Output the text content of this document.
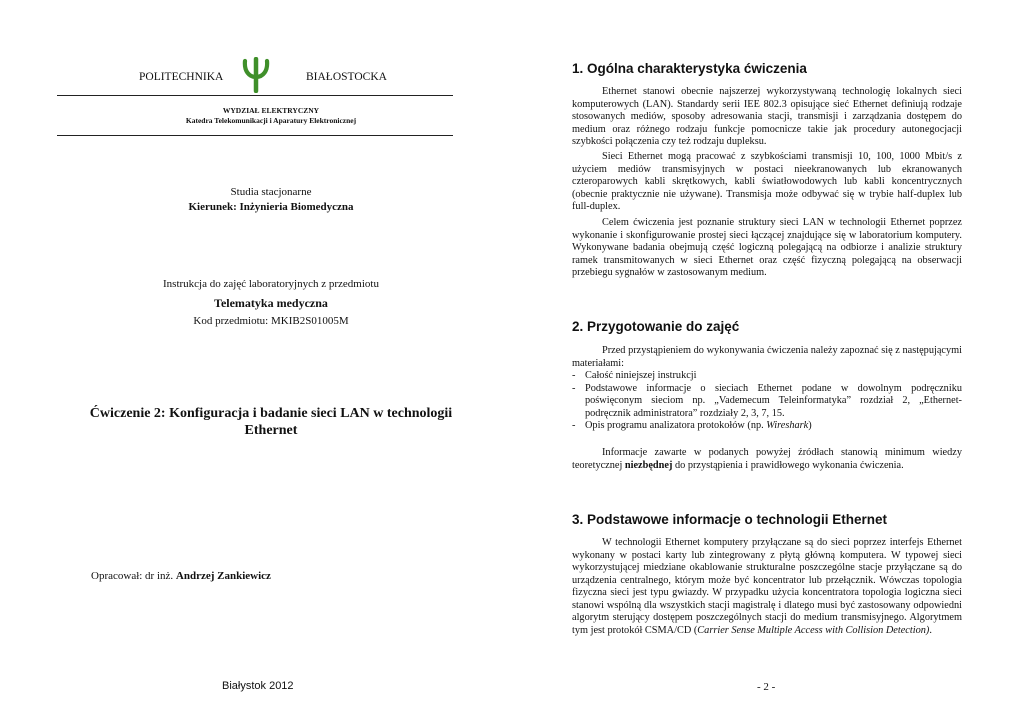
POLITECHNIKA	BIAŁOSTOCKA
WYDZIAŁ ELEKTRYCZNY
Katedra Telekomunikacji i Aparatury Elektronicznej
Studia stacjonarne
Kierunek: Inżynieria Biomedyczna
Instrukcja do zajęć laboratoryjnych z przedmiotu
Telematyka medyczna
Kod przedmiotu: MKIB2S01005M
Ćwiczenie 2: Konfiguracja i badanie sieci LAN w technologii
Ethernet
Opracował: dr inż. Andrzej Zankiewicz
Białystok 2012
1. Ogólna charakterystyka ćwiczenia
Ethernet stanowi obecnie najszerzej wykorzystywaną technologię lokalnych sieci komputerowych (LAN). Standardy serii IEE 802.3 opisujące sieć Ethernet definiują rodzaje stosowanych mediów, sposoby adresowania stacji, transmisji i zarządzania dostępem do medium oraz różnego rodzaju funkcje pomocnicze takie jak procedury autonegocjacji szybkości połączenia czy też rodzaju dupleksu.
Sieci Ethernet mogą pracować z szybkościami transmisji 10, 100, 1000 Mbit/s z użyciem mediów transmisyjnych w postaci nieekranowanych lub ekranowanych czteroparowych kabli skrętkowych, kabli światłowodowych lub kabli koncentrycznych (obecnie praktycznie nie używane). Transmisja może odbywać się w trybie half-duplex lub full-duplex.
Celem ćwiczenia jest poznanie struktury sieci LAN w technologii Ethernet poprzez wykonanie i skonfigurowanie prostej sieci łączącej znajdujące się w laboratorium komputery. Wykonywane badania obejmują część logiczną polegającą na odbiorze i analizie struktury ramek transmitowanych w sieci Ethernet oraz część fizyczną polegającą na obserwacji przebiegu sygnałów w zastosowanym medium.
2. Przygotowanie do zajęć
Przed przystąpieniem do wykonywania ćwiczenia należy zapoznać się z następującymi materiałami:
- Całość niniejszej instrukcji
- Podstawowe informacje o sieciach Ethernet podane w dowolnym podręczniku poświęconym sieciom np. „Vademecum Teleinformatyka” rozdział 2, „Ethernet-podręcznik administratora” rozdziały 2, 3, 7, 15.
- Opis programu analizatora protokołów (np. Wireshark)
Informacje zawarte w podanych powyżej źródłach stanowią minimum wiedzy teoretycznej niezbędnej do przystąpienia i prawidłowego wykonania ćwiczenia.
3. Podstawowe informacje o technologii Ethernet
W technologii Ethernet komputery przyłączane są do sieci poprzez interfejs Ethernet wykonany w postaci karty lub zintegrowany z płytą główną komputera. W typowej sieci wykorzystującej miedziane okablowanie strukturalne poszczególne stacje przyłączane są do urządzenia centralnego, którym może być koncentrator lub przełącznik. Wówczas topologia fizyczna sieci jest typu gwiazdy. W przypadku użycia koncentratora topologia logiczna sieci stanowi wspólną dla wszystkich stacji magistralę i dlatego musi być zastosowany odpowiedni algorytm sterujący dostępem poszczególnych stacji do medium transmisyjnego. Algorytmem tym jest protokół CSMA/CD (Carrier Sense Multiple Access with Collision Detection).
- 2 -
